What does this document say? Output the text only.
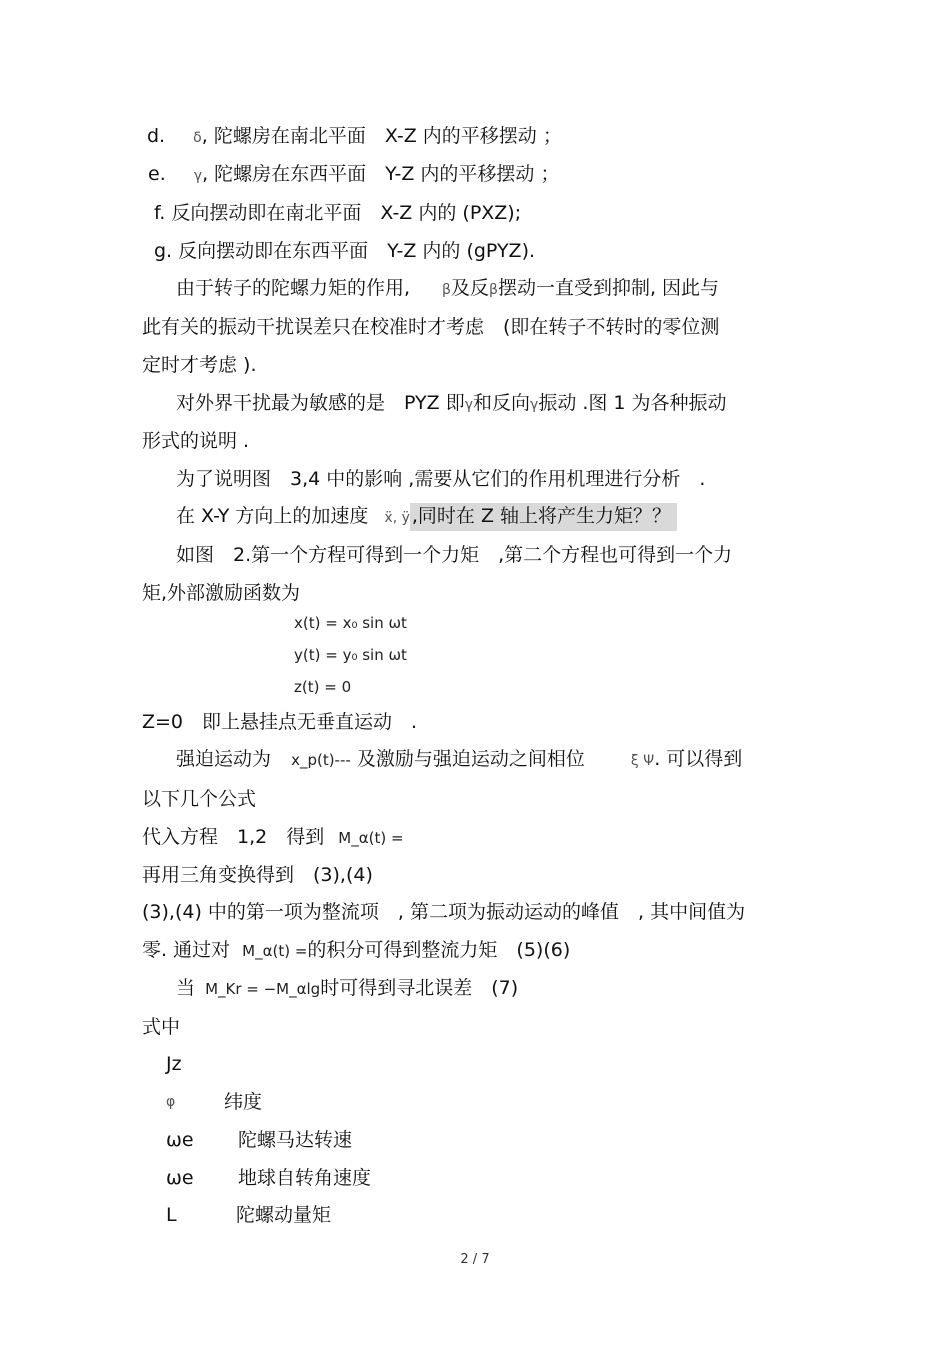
d. δ, 陀螺房在南北平面　X-Z 内的平移摆动 ；
e. γ, 陀螺房在东西平面　Y-Z 内的平移摆动 ；
f. 反向摆动即在南北平面　X-Z 内的 (PXZ);
g. 反向摆动即在东西平面　Y-Z 内的 (gPYZ).
由于转子的陀螺力矩的作用, β及反β摆动一直受到抑制, 因此与
此有关的振动干扰误差只在校准时才考虑　(即在转子不转时的零位测
定时才考虑 ).
对外界干扰最为敏感的是　PYZ 即γ和反向γ振动 .图 1 为各种振动
形式的说明 .
为了说明图　3,4 中的影响 ,需要从它们的作用机理进行分析　.
在 X-Y 方向上的加速度 ẍ, ÿ ,同时在 Z 轴上将产生力矩？？
如图　2.第一个方程可得到一个力矩　,第二个方程也可得到一个力
矩,外部激励函数为
x(t) = x₀ sin ωt
y(t) = y₀ sin ωt
z(t) = 0
Z=0　即上悬挂点无垂直运动　.
强迫运动为 x_p(t)--- 及激励与强迫运动之间相位	ξ Ψ. 可以得到
以下几个公式
代入方程　1,2　得到 M_α(t) =
再用三角变换得到　(3),(4)
(3),(4) 中的第一项为整流项　, 第二项为振动运动的峰值　, 其中间值为
零. 通过对 M_α(t) =的积分可得到整流力矩　(5)(6)
当 M_Kr = −M_αlg时可得到寻北误差　(7)
式中
Jz
φ	纬度
ωe 陀螺马达转速
ωe 地球自转角速度
L	陀螺动量矩
2 / 7
